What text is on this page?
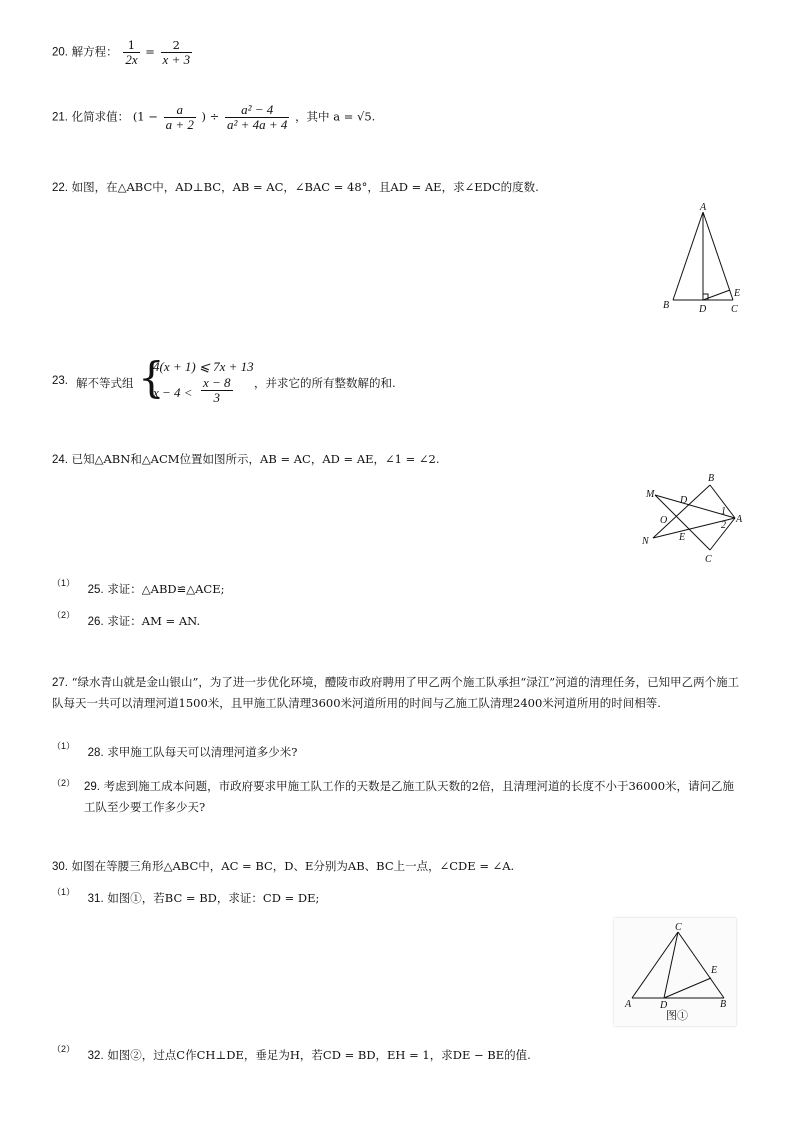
20. 解方程： $\frac{1}{2x} = \frac{2}{x + 3}$
21. 化简求值： ($1 - \frac{a}{a + 2}$ ) ÷ $\frac{\text{a² − 4}}{\text{a² + 4a + 4}}$ ，其中 a = √5.
22. 如图，在△ABC中，AD⊥BC，AB = AC，∠BAC = 48°，且AD = AE，求∠EDC的度数.
A
B	C
D
E
23. 解不等式组 {
4(x + 1) ⩽ 7x + 13
$x - 4 < \frac{x - 8}{3}$ ，并求它的所有整数解的和.
24. 已知△ABN和△ACM位置如图所示，AB = AC，AD = AE，∠1 = ∠2.
M
D
B
O
E
N
C
A
1
2
（1）
25. 求证：△ABD≌△ACE;
（2）
26. 求证：AM = AN.
27. “绿水青山就是金山银山”，为了进一步优化环境，醴陵市政府聘用了甲乙两个施工队承担“渌江”河道的清理任务，已知甲乙两个施工队每天一共可以清理河道1500米，且甲施工队清理3600米河道所用的时间与乙施工队清理2400米河道所用的时间相等.
（1）
28. 求甲施工队每天可以清理河道多少米?
（2） 29. 考虑到施工成本问题，市政府要求甲施工队工作的天数是乙施工队天数的2倍，且清理河道的长度不小于36000米，请问乙施工队至少要工作多少天?
30. 如图在等腰三角形△ABC中，AC = BC，D、E分别为AB、BC上一点，∠CDE = ∠A.
（1）
31. 如图①，若BC = BD，求证：CD = DE;
C
A	D	B
E
图①
（2）
32. 如图②，过点C作CH⊥DE，垂足为H，若CD = BD，EH = 1，求DE − BE的值.
